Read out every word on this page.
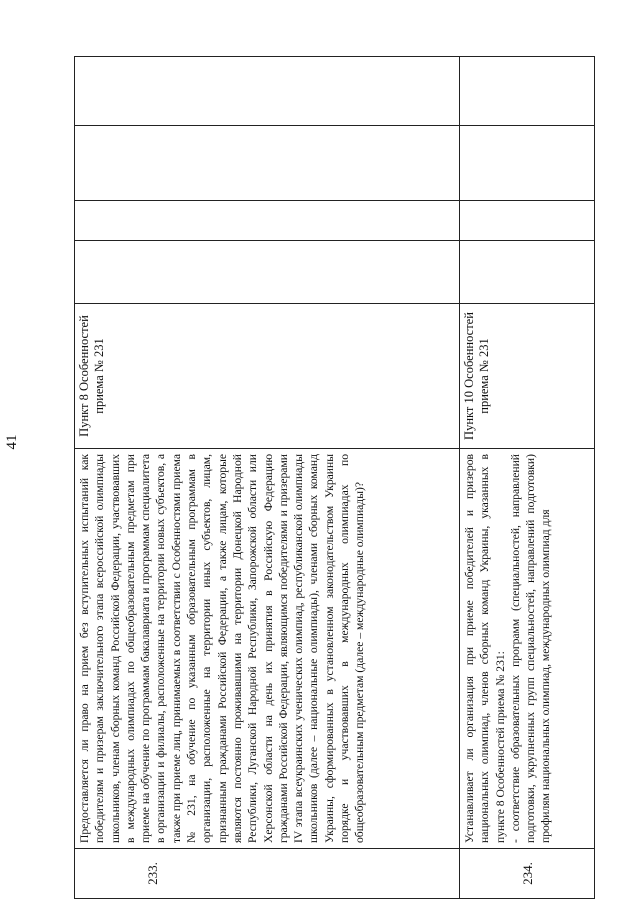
41
233.	Предоставляется ли право на прием без вступительных испытаний как победителям и призерам заключительного этапа всероссийской олимпиады школьников, членам сборных команд Российской Федерации, участвовавших в международных олимпиадах по общеобразовательным предметам при приеме на обучение по программам бакалавриата и программам специалитета в организации и филиалы, расположенные на территории новых субъектов, а также при приеме лиц, принимаемых в соответствии с Особенностями приема № 231, на обучение по указанным образовательным программам в организации, расположенные на территории иных субъектов, лицам, признанным гражданами Российской Федерации, а также лицам, которые являются постоянно проживавшими на территории Донецкой Народной Республики, Луганской Народной Республики, Запорожской области или Херсонской области на день их принятия в Российскую Федерацию гражданами Российской Федерации, являющимся победителями и призерами IV этапа всеукраинских ученических олимпиад, республиканской олимпиады школьников (далее – национальные олимпиады), членами сборных команд Украины, сформированных в установленном законодательством Украины порядке и участвовавших в международных олимпиадах по общеобразовательным предметам (далее – международные олимпиады)?	Пункт 8 Особенностей приема № 231				
234.	Устанавливает ли организация при приеме победителей и призеров национальных олимпиад, членов сборных команд Украины, указанных в пункте 8 Особенностей приема № 231:
- соответствие образовательных программ (специальностей, направлений подготовки, укрупненных групп специальностей, направлений подготовки) профилям национальных олимпиад, международных олимпиад для	Пункт 10 Особенностей приема № 231				
